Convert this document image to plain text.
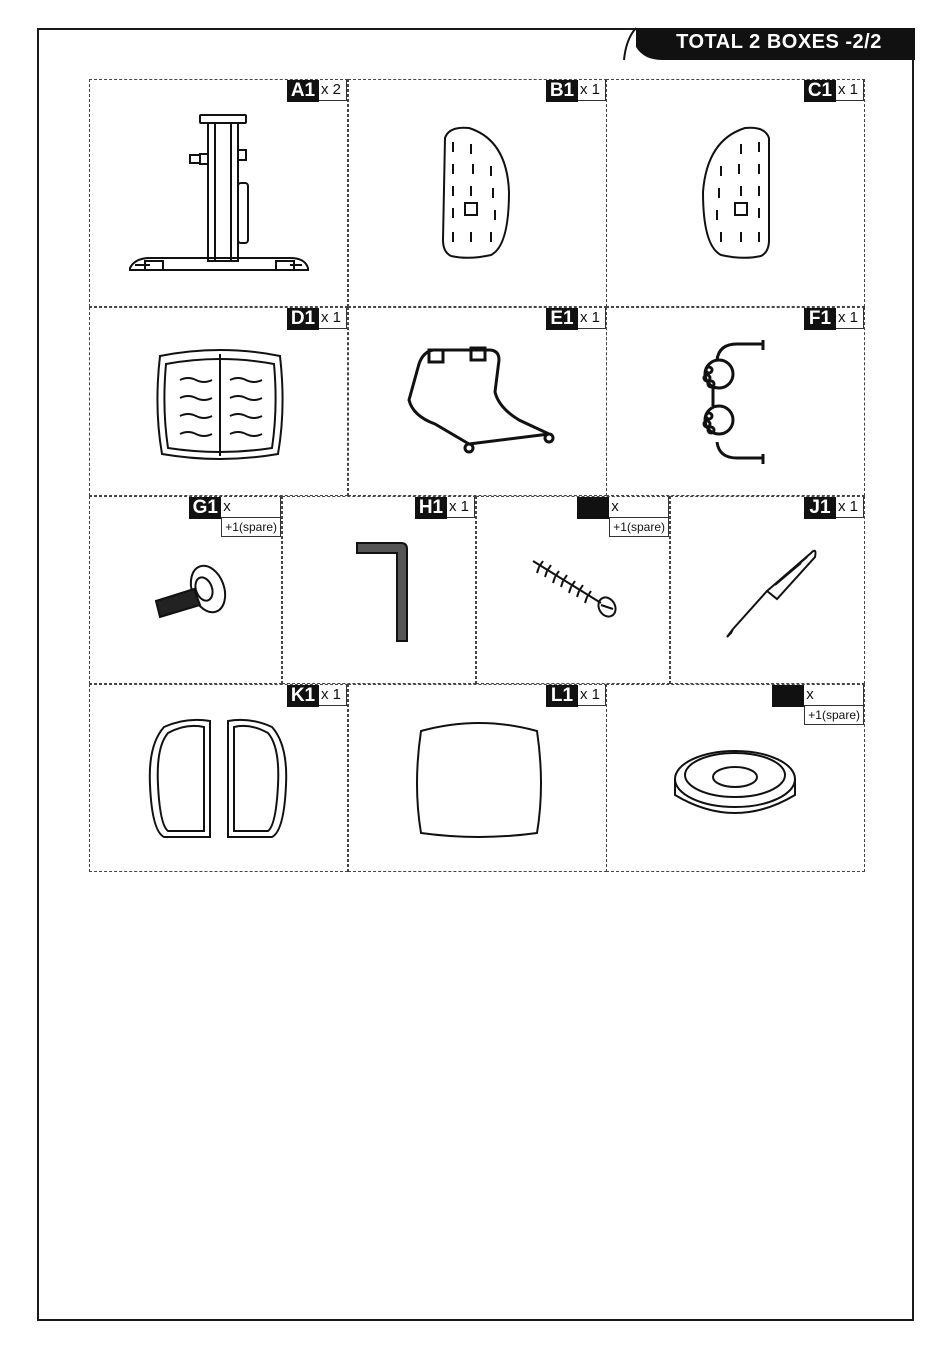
TOTAL 2 BOXES -2/2
A1 x 2	B1 x 1	C1 x 1
D1 x 1	E1 x 1	F1 x 1
G1 x
+1(spare)
H1 x 1	x
+1(spare)
J1 x 1
K1 x 1	L1 x 1	x
+1(spare)
